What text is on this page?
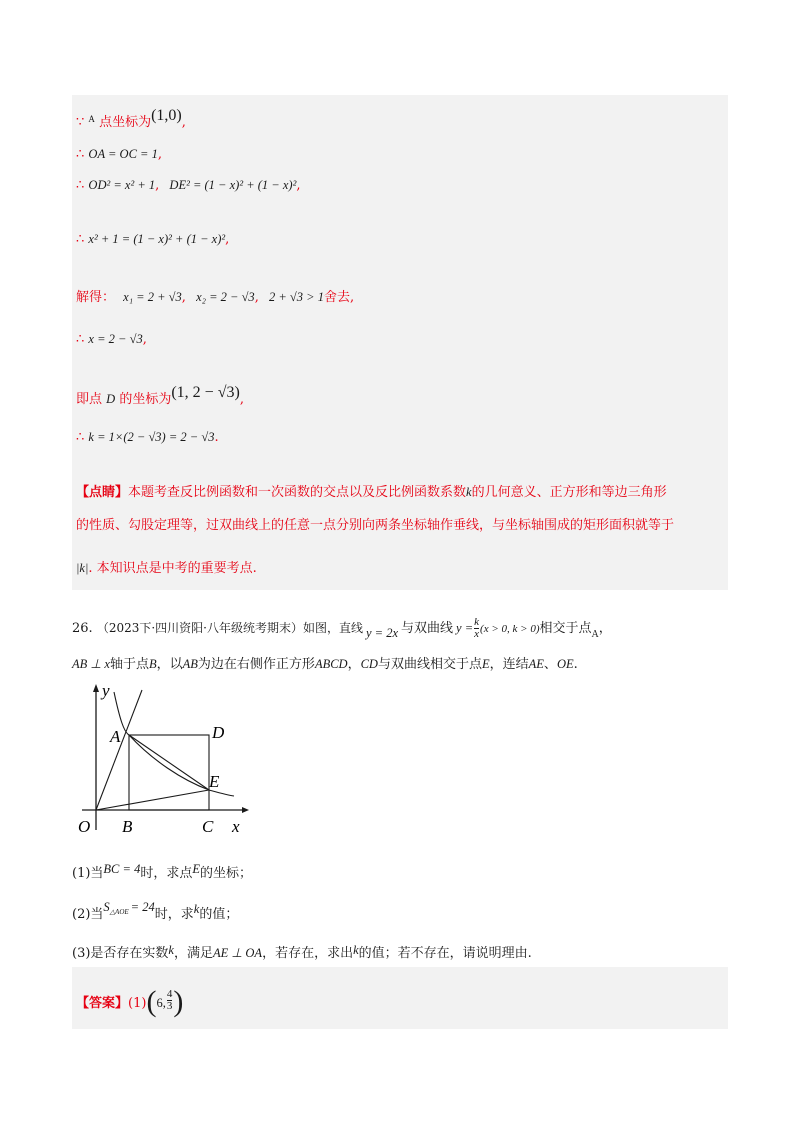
∵ $^A$ 点坐标为(1,0),
∴ OA = OC = 1,
∴ OD² = x² + 1, DE² = (1 − x)² + (1 − x)²,
∴ x² + 1 = (1 − x)² + (1 − x)²,
解得： x₁ = 2 + √3, x₂ = 2 − √3, 2 + √3 > 1舍去,
∴ x = 2 − √3,
即点 D 的坐标为(1, 2 − √3),
∴ k = 1×(2 − √3) = 2 − √3.
【点睛】本题考查反比例函数和一次函数的交点以及反比例函数系数k的几何意义、正方形和等边三角形
的性质、勾股定理等，过双曲线上的任意一点分别向两条坐标轴作垂线，与坐标轴围成的矩形面积就等于
|k|. 本知识点是中考的重要考点.
26. （2023下·四川资阳·八年级统考期末）如图，直线 y = 2x 与双曲线 $y = \frac{k}{x} (x > 0$, k > 0)相交于点$_A$，
AB ⊥ x轴于点B，以AB为边在右侧作正方形ABCD，CD与双曲线相交于点E，连结AE、OE.
y
x
O
A
B	C
D
E
(1)当BC = 4时，求点E的坐标；
(2)当$S_{\triangle AOE} = 24$时，求k的值；
(3)是否存在实数k，满足AE ⊥ OA，若存在，求出k的值；若不存在，请说明理由.
【答案】(1)(6, $\frac{4}{3}$ )
